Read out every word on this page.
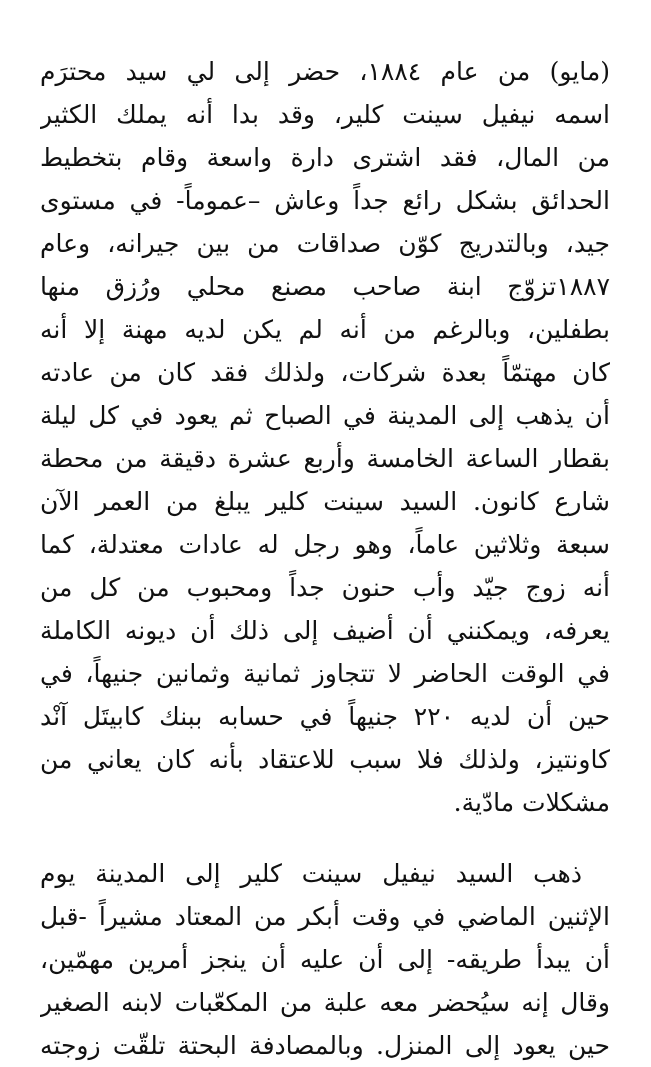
(مايو) من عام ١٨٨٤، حضر إلى لي سيد محترَم
اسمه نيفيل سينت كلير، وقد بدا أنه يملك الكثير
من المال، فقد اشترى دارة واسعة وقام بتخطيط
الحدائق بشكل رائع جداً وعاش –عموماً- في مستوى
جيد، وبالتدريج كوّن صداقات من بين جيرانه، وعام
١٨٨٧تزوّج ابنة صاحب مصنع محلي ورُزق منها
بطفلين، وبالرغم من أنه لم يكن لديه مهنة إلا أنه
كان مهتمّاً بعدة شركات، ولذلك فقد كان من عادته
أن يذهب إلى المدينة في الصباح ثم يعود في كل ليلة
بقطار الساعة الخامسة وأربع عشرة دقيقة من محطة
شارع كانون. السيد سينت كلير يبلغ من العمر الآن
سبعة وثلاثين عاماً، وهو رجل له عادات معتدلة، كما
أنه زوج جيّد وأب حنون جداً ومحبوب من كل من
يعرفه، ويمكنني أن أضيف إلى ذلك أن ديونه الكاملة
في الوقت الحاضر لا تتجاوز ثمانية وثمانين جنيهاً، في
حين أن لديه ٢٢٠ جنيهاً في حسابه ببنك كابيتَل آنْد
كاونتيز، ولذلك فلا سبب للاعتقاد بأنه كان يعاني من
مشكلات مادّية.

ذهب السيد نيفيل سينت كلير إلى المدينة يوم
الإثنين الماضي في وقت أبكر من المعتاد مشيراً -قبل
أن يبدأ طريقه- إلى أن عليه أن ينجز أمرين مهمّين،
وقال إنه سيُحضر معه علبة من المكعّبات لابنه الصغير
حين يعود إلى المنزل. وبالمصادفة البحتة تلقّت زوجته
